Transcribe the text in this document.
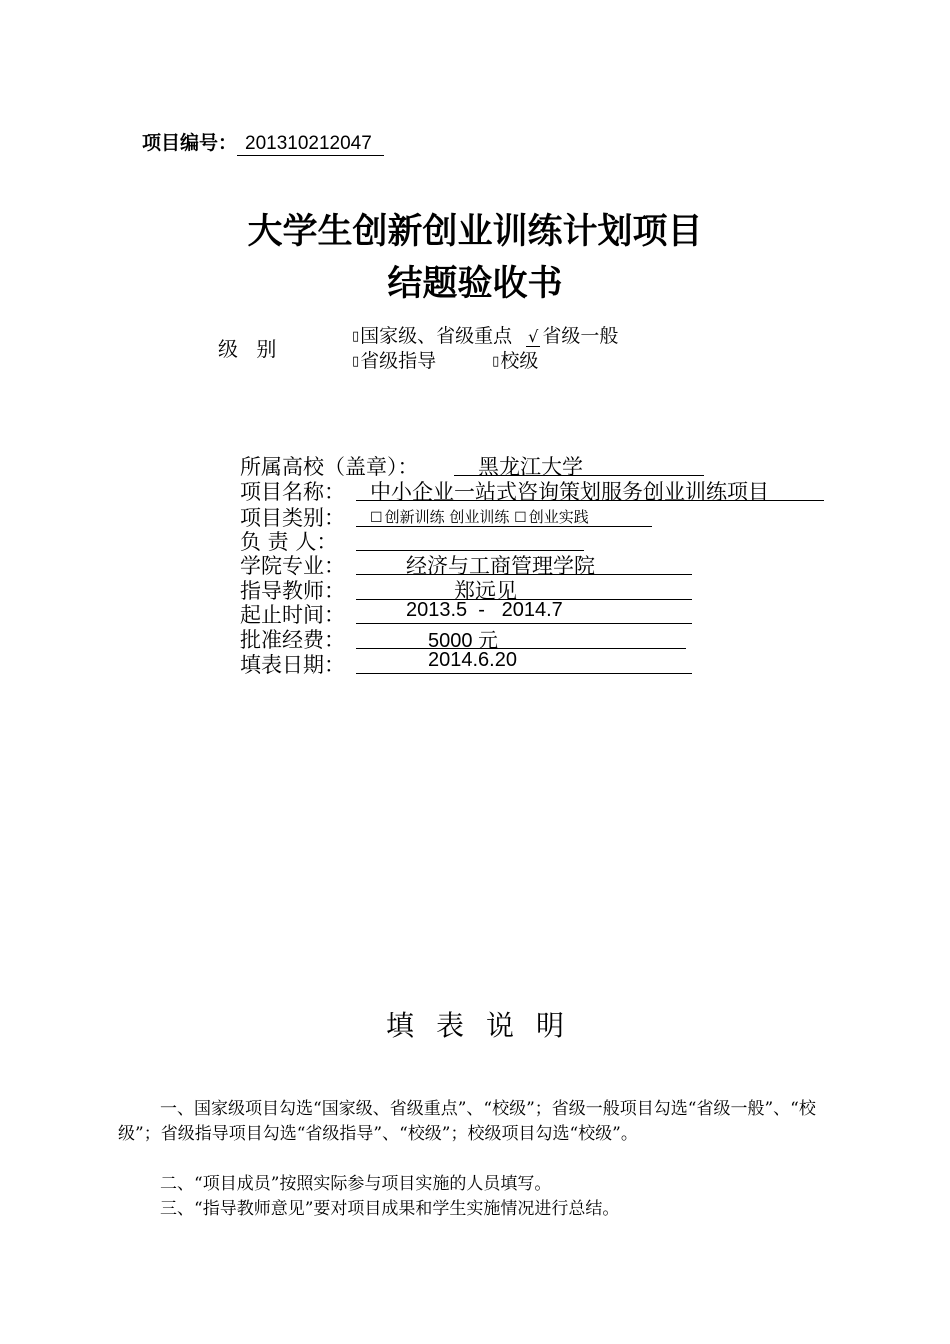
项目编号： 201310212047
大学生创新创业训练计划项目
结题验收书
级 别
▯国家级、省级重点 √ 省级一般
▯省级指导	▯校级
所属高校（盖章）：	黑龙江大学
项目名称： 中小企业一站式咨询策划服务创业训练项目
项目类别： ☐ 创新训练 创业训练 ☐ 创业实践
负 责 人：
学院专业：	经济与工商管理学院
指导教师：	郑远见
起止时间：	2013.5  -   2014.7
批准经费：	5000 元
填表日期：	2014.6.20
填表说明
一、国家级项目勾选“国家级、省级重点”、“校级”；省级一般项目勾选“省级一般”、“校级”；省级指导项目勾选“省级指导”、“校级”；校级项目勾选“校级”。
二、“项目成员”按照实际参与项目实施的人员填写。
三、“指导教师意见”要对项目成果和学生实施情况进行总结。
